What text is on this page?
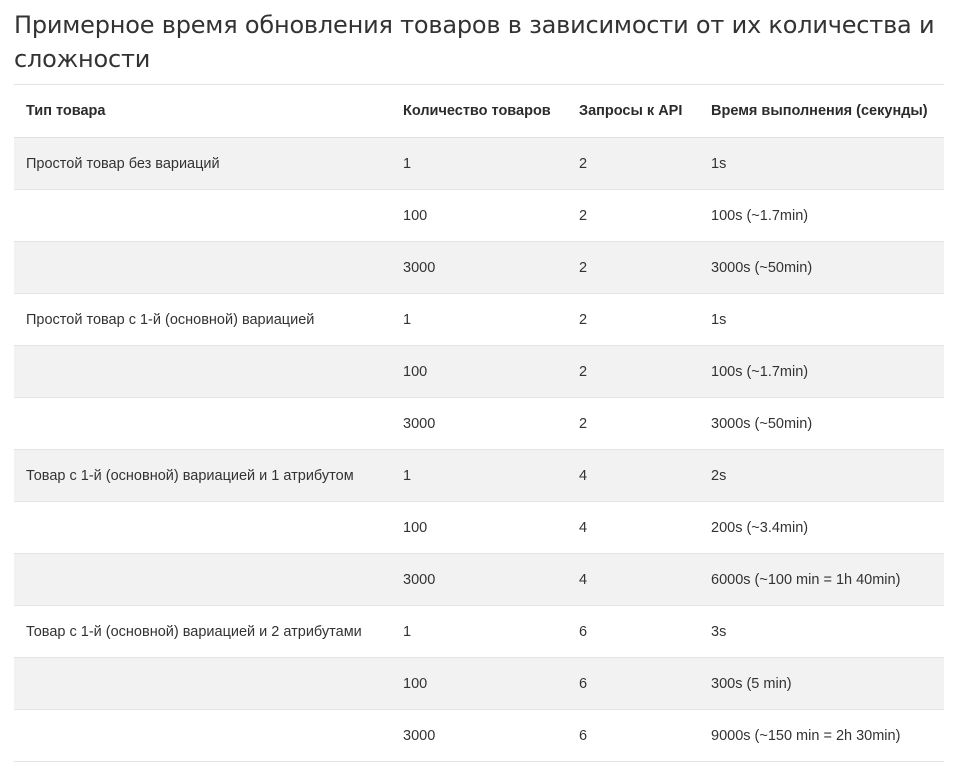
Примерное время обновления товаров в зависимости от их количества и сложности
Тип товара	Количество товаров	Запросы к API	Время выполнения (секунды)
Простой товар без вариаций	1	2	1s
	100	2	100s (~1.7min)
	3000	2	3000s (~50min)
Простой товар с 1-й (основной) вариацией	1	2	1s
	100	2	100s (~1.7min)
	3000	2	3000s (~50min)
Товар с 1-й (основной) вариацией и 1 атрибутом	1	4	2s
	100	4	200s (~3.4min)
	3000	4	6000s (~100 min = 1h 40min)
Товар с 1-й (основной) вариацией и 2 атрибутами	1	6	3s
	100	6	300s (5 min)
	3000	6	9000s (~150 min = 2h 30min)
